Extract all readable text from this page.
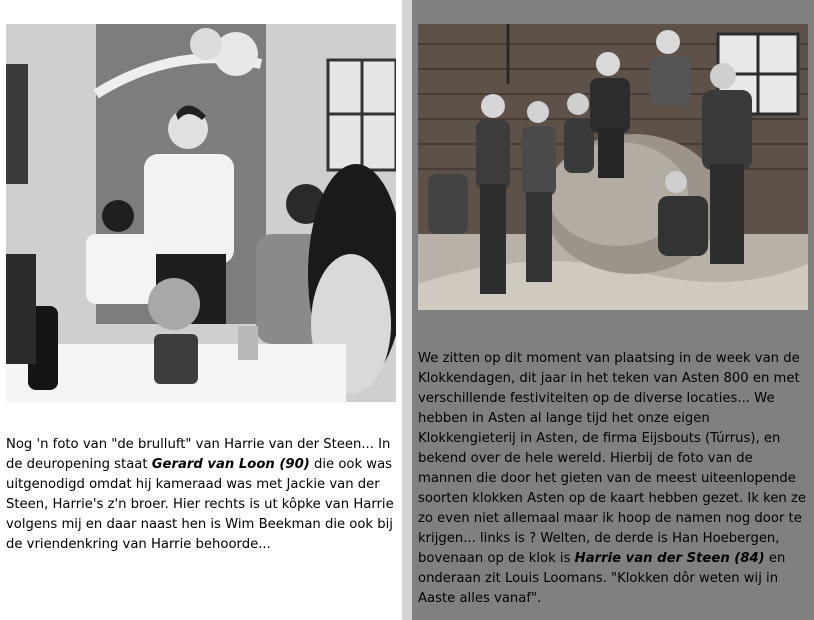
Nog 'n foto van "de brulluft" van Harrie van der Steen... In de deuropening staat Gerard van Loon (90) die ook was uitgenodigd omdat hij kameraad was met Jackie van der Steen, Harrie's z'n broer. Hier rechts is ut kôpke van Harrie volgens mij en daar naast hen is Wim Beekman die ook bij de vriendenkring van Harrie behoorde...

We zitten op dit moment van plaatsing in de week van de Klokkendagen, dit jaar in het teken van Asten 800 en met verschillende festiviteiten op de diverse locaties... We hebben in Asten al lange tijd het onze eigen Klokkengieterij in Asten, de firma Eijsbouts (Túrrus), en bekend over de hele wereld. Hierbij de foto van de mannen die door het gieten van de meest uiteenlopende soorten klokken Asten op de kaart hebben gezet. Ik ken ze zo even niet allemaal maar ik hoop de namen nog door te krijgen... links is ? Welten, de derde is Han Hoebergen, bovenaan op de klok is Harrie van der Steen (84) en onderaan zit Louis Loomans. "Klokken dôr weten wij in Aaste alles vanaf".
